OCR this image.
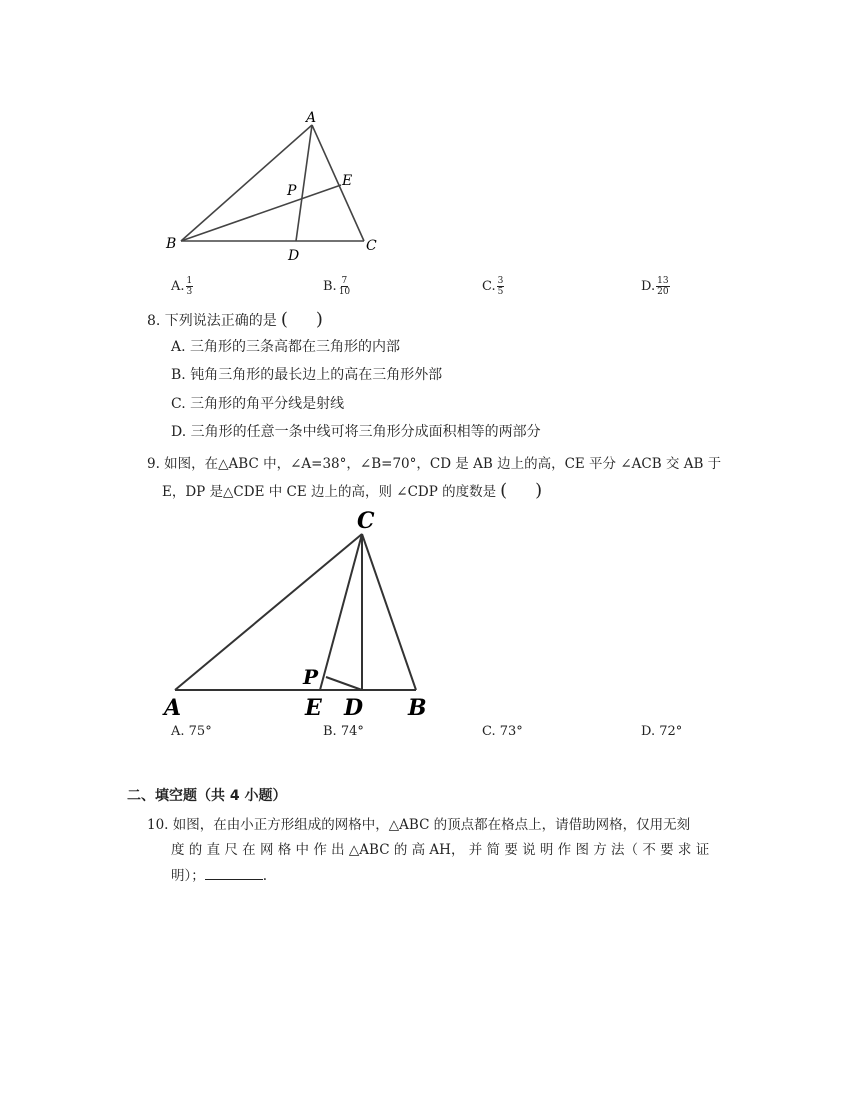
A
B	C
D
E
P
A. $\frac{1}{3}$	B. $\frac{7}{10}$	C. $\frac{3}{5}$	D. $\frac{13}{20}$
8. 下列说法正确的是 ( )
A. 三角形的三条高都在三角形的内部
B. 钝角三角形的最长边上的高在三角形外部
C. 三角形的角平分线是射线
D. 三角形的任意一条中线可将三角形分成面积相等的两部分
9. 如图，在△ABC 中，∠A=38°，∠B=70°，CD 是 AB 边上的高，CE 平分 ∠ACB 交 AB 于
E，DP 是△CDE 中 CE 边上的高，则 ∠CDP 的度数是 ( )
C
A	E D B
P
A. 75°	B. 74°	C. 73°	D. 72°
二、填空题（共 4 小题）
10. 如图，在由小正方形组成的网格中，△ABC 的顶点都在格点上，请借助网格，仅用无刻
度 的 直 尺 在 网 格 中 作 出 △ABC 的 高 AH， 并 简 要 说 明 作 图 方 法（ 不 要 求 证
明）；	.
